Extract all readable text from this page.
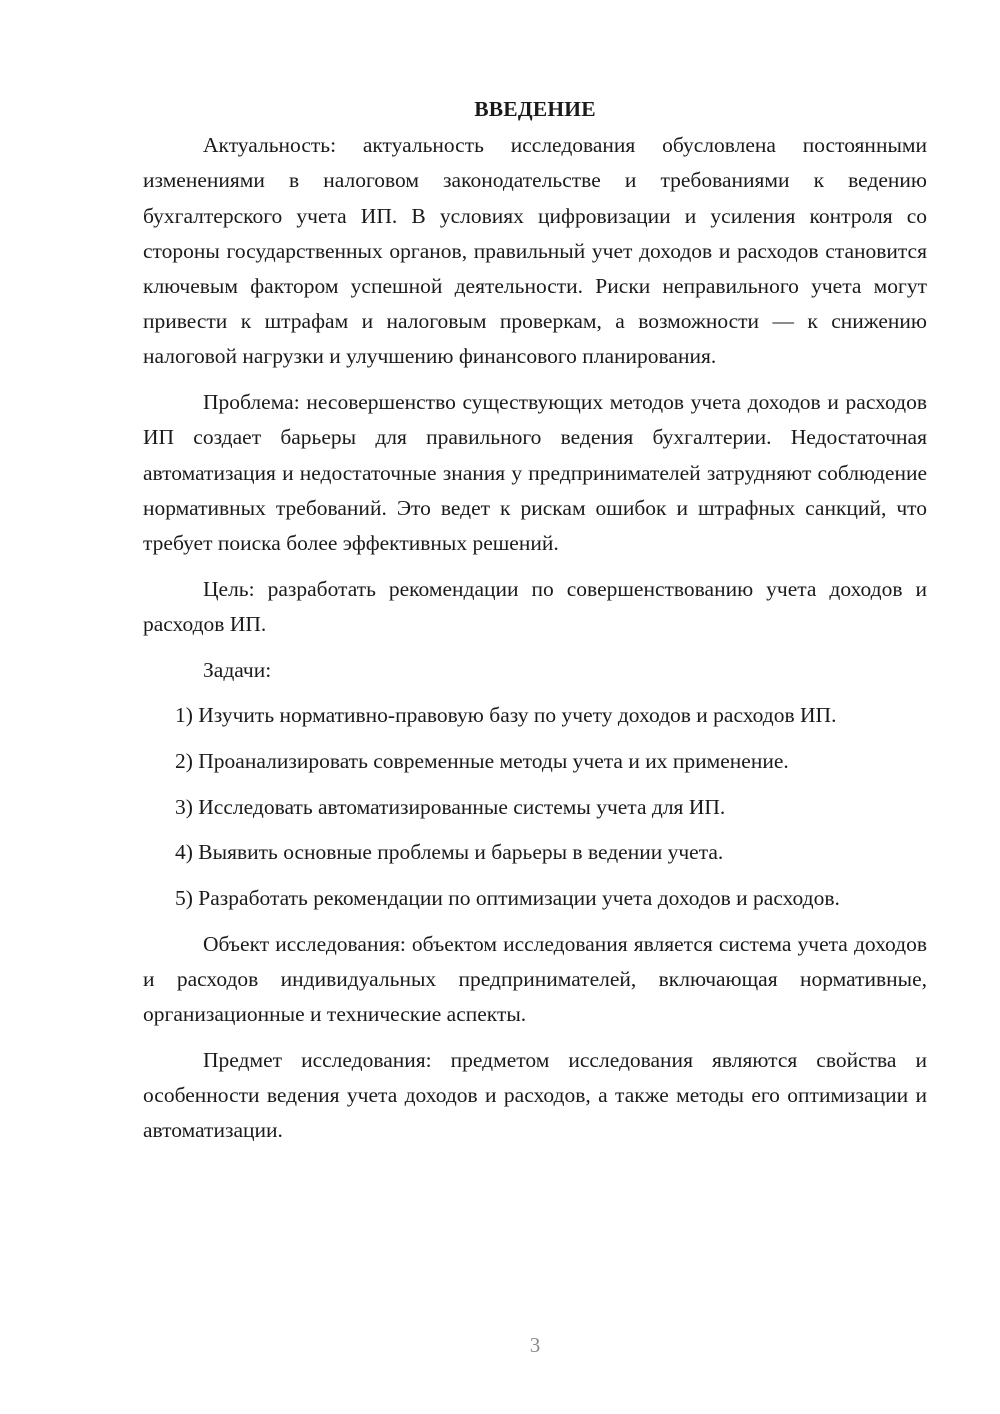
ВВЕДЕНИЕ

Актуальность: актуальность исследования обусловлена постоянными изменениями в налоговом законодательстве и требованиями к ведению бухгалтерского учета ИП. В условиях цифровизации и усиления контроля со стороны государственных органов, правильный учет доходов и расходов становится ключевым фактором успешной деятельности. Риски неправильного учета могут привести к штрафам и налоговым проверкам, а возможности — к снижению налоговой нагрузки и улучшению финансового планирования.

Проблема: несовершенство существующих методов учета доходов и расходов ИП создает барьеры для правильного ведения бухгалтерии. Недостаточная автоматизация и недостаточные знания у предпринимателей затрудняют соблюдение нормативных требований. Это ведет к рискам ошибок и штрафных санкций, что требует поиска более эффективных решений.

Цель: разработать рекомендации по совершенствованию учета доходов и расходов ИП.

Задачи:

1) Изучить нормативно-правовую базу по учету доходов и расходов ИП.

2) Проанализировать современные методы учета и их применение.

3) Исследовать автоматизированные системы учета для ИП.

4) Выявить основные проблемы и барьеры в ведении учета.

5) Разработать рекомендации по оптимизации учета доходов и расходов.

Объект исследования: объектом исследования является система учета доходов и расходов индивидуальных предпринимателей, включающая нормативные, организационные и технические аспекты.

Предмет исследования: предметом исследования являются свойства и особенности ведения учета доходов и расходов, а также методы его оптимизации и автоматизации.

3
